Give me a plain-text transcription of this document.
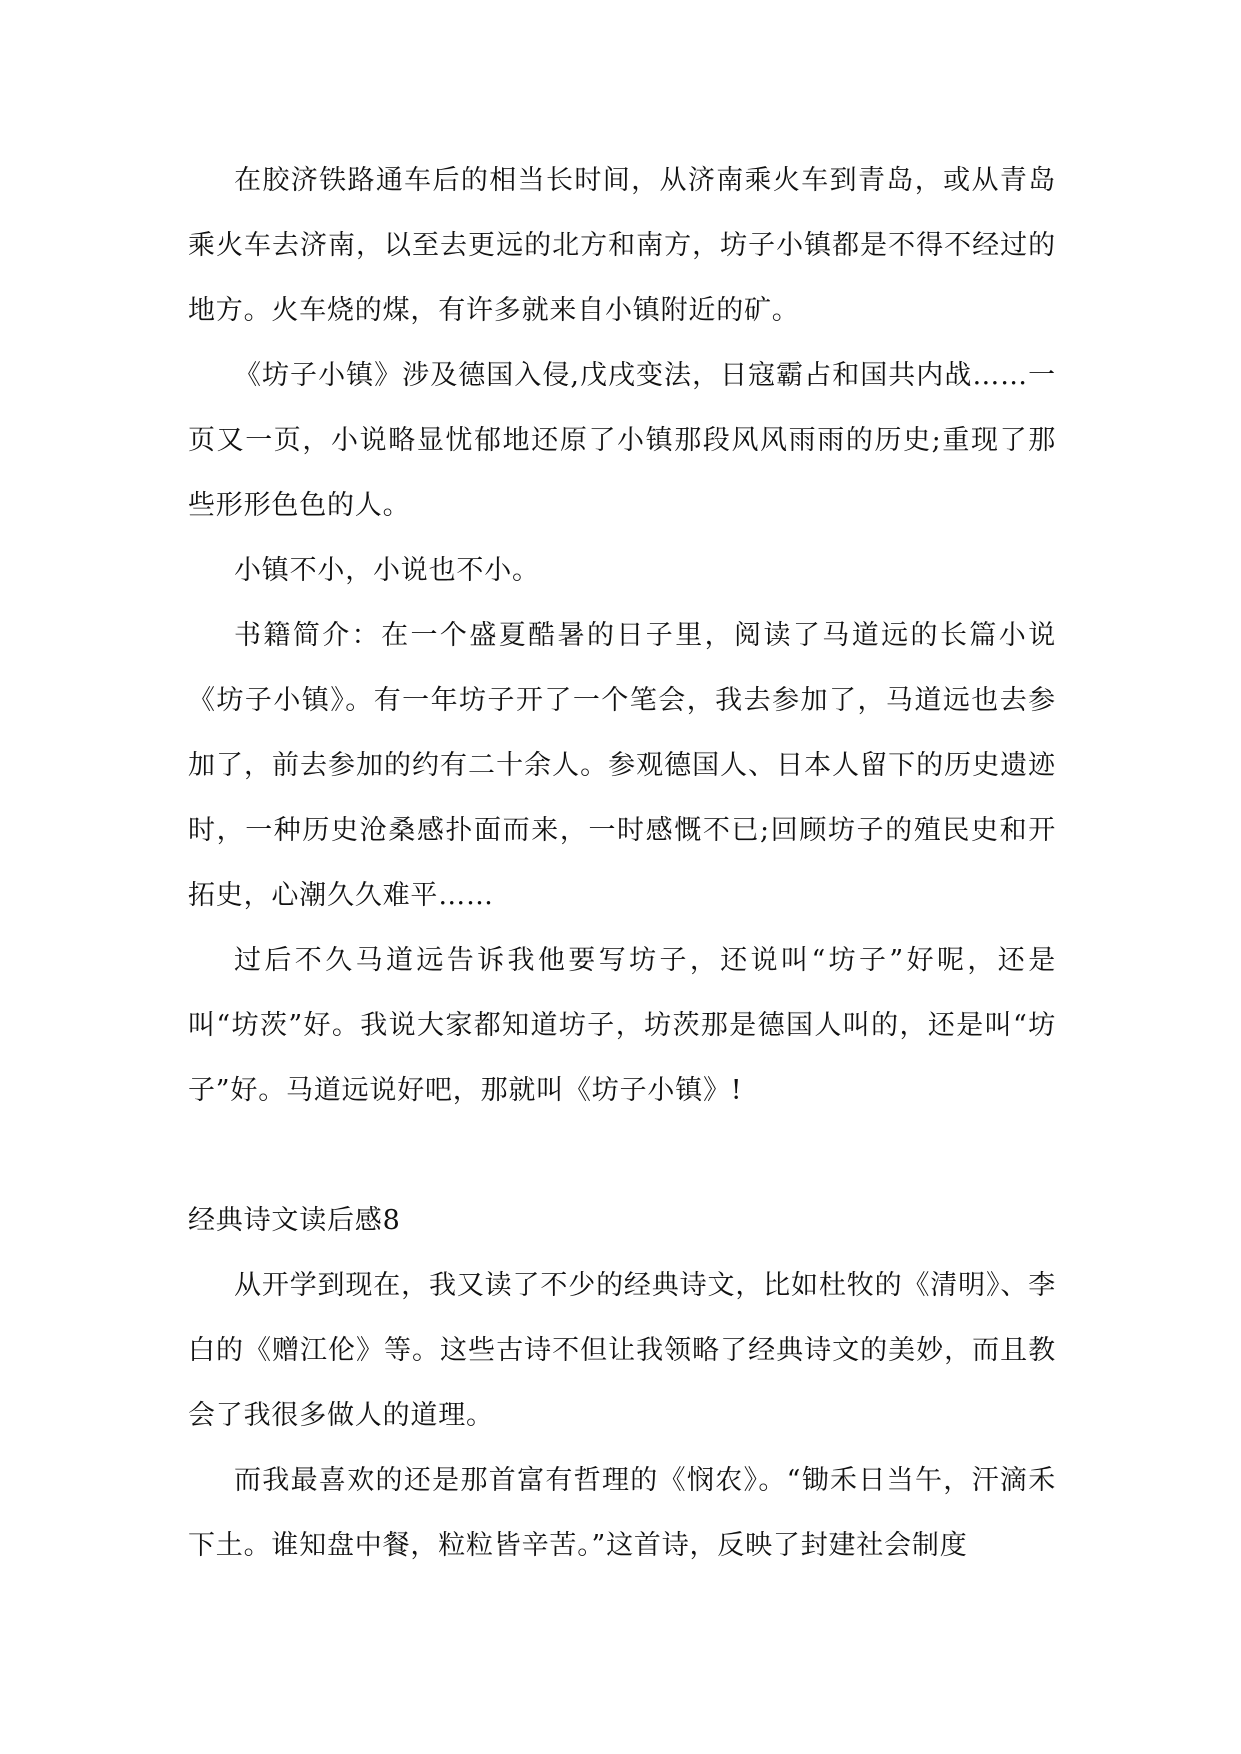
在胶济铁路通车后的相当长时间，从济南乘火车到青岛，或从青岛乘火车去济南，以至去更远的北方和南方，坊子小镇都是不得不经过的地方。火车烧的煤，有许多就来自小镇附近的矿。

《坊子小镇》涉及德国入侵,戊戌变法，日寇霸占和国共内战……一页又一页，小说略显忧郁地还原了小镇那段风风雨雨的历史;重现了那些形形色色的人。

小镇不小，小说也不小。

书籍简介：在一个盛夏酷暑的日子里，阅读了马道远的长篇小说《坊子小镇》。有一年坊子开了一个笔会，我去参加了，马道远也去参加了，前去参加的约有二十余人。参观德国人、日本人留下的历史遗迹时，一种历史沧桑感扑面而来，一时感慨不已;回顾坊子的殖民史和开拓史，心潮久久难平……

过后不久马道远告诉我他要写坊子，还说叫“坊子”好呢，还是叫“坊茨”好。我说大家都知道坊子，坊茨那是德国人叫的，还是叫“坊子”好。马道远说好吧，那就叫《坊子小镇》!

经典诗文读后感8

从开学到现在，我又读了不少的经典诗文，比如杜牧的《清明》、李白的《赠江伦》等。这些古诗不但让我领略了经典诗文的美妙，而且教会了我很多做人的道理。

而我最喜欢的还是那首富有哲理的《悯农》。“锄禾日当午，汗滴禾下土。谁知盘中餐，粒粒皆辛苦。”这首诗，反映了封建社会制度
